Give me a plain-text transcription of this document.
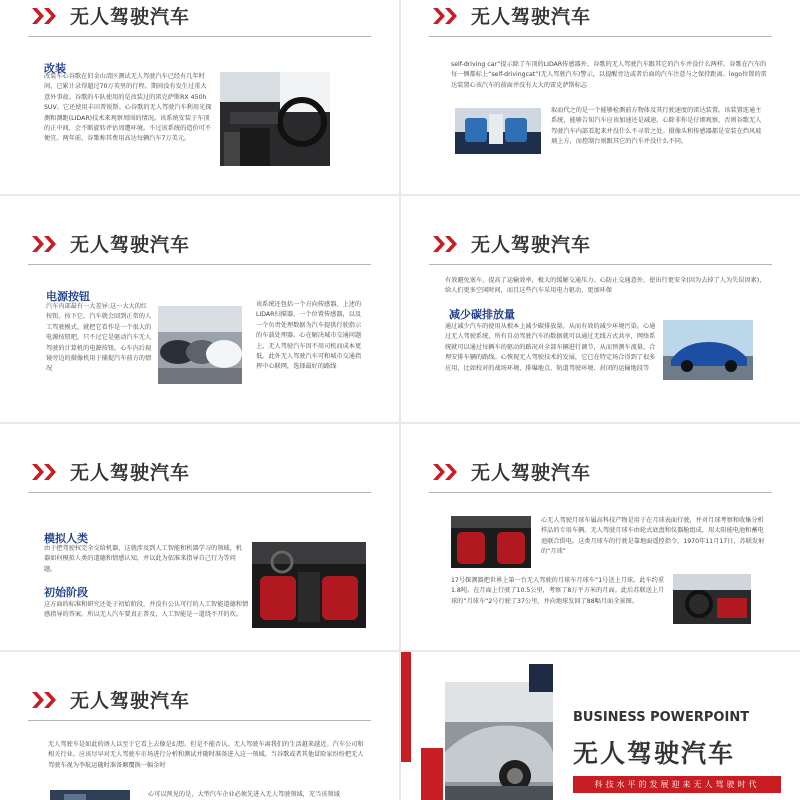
无人驾驶汽车
改装

改装车心谷歌在旧金山湾区测试无人驾驶汽车已经有几年时间，已累计录得超过70万英里的行程。期间没有发生过重大意外事故。谷歌的车队使用的是改装过的雷克萨斯RX 450h SUV。它还使用丰田普锐斯。心谷歌的无人驾驶汽车利用光探测和测距(LIDAR)技术来观察周围的情况。该系统安装于车顶的正中间，会不断旋转评估周遭环境。不过该系统的造价可不便宜。两年前，谷歌称其费用高达每辆汽车7万美元。

无人驾驶汽车

self-driving car”提示除了车顶的LIDAR传感器外，谷歌的无人驾驶汽车跟其它的汽车并没什么两样。谷歌在汽车的每一侧都标上“self-drivingcat”(无人驾驶汽车)警示，以提醒旁边或者后面的汽车注意与之保持距离。logo位置的雷达装置心该汽车的前面并没有大大的雷克萨斯标志

取而代之的是一个能够检测前方物体及其行驶速度的雷达装置。该装置连通主系统，能够告知汽车应该加速还是减速。心除非你是仔细观察，否则谷歌无人驾驶汽车内部看起来并没什么不寻常之处。摄像头和传感器都是安装在挡风玻璃上方，而控制台则跟其它的汽车并没什么不同。

无人驾驶汽车
电源按钮

汽车内部最有一大差异:这一大大的红按钮。按下它，汽车就会回到正常的人工驾驶模式。就把它看作是一个很大的电源按钮吧，只不过它是驱动汽车无人驾驶的计算机的电源按钮。心车内后视镜旁边的摄像机用于捕捉汽车前方的情况

该系统还包括一个方向传感器、上述的LIDAR扫描器、一个位置传感器，以及一个负责处理数据为汽车提供行驶指示的车载处理器。心在解决城市交通问题上，无人驾驶汽车因不用司机而成本更低。此外无人驾驶汽车可和城市交通指挥中心联网，选择最好的路线

无人驾驶汽车

有效避免塞车，提高了运输效率，极大的缓解交通压力。心防止交通意外，使出行更安全(因为去掉了人为失误因素)，给人们更多空闲时间，而且这些汽车采用电力驱动，更加环保

减少碳排放量

通过减少汽车的使用从根本上减少碳排放量。从而有效的减少环境污染。心通过无人驾驶系统，所有自动驾驶汽车的数据就可以通过无线方式共享，网络系统就可以通过每辆车的驱动的路况对全部车辆进行调节，从而预测车流量，合理安排车辆的路线。心恢视无人驾驶技术的发展，它已在特定场合得到了很多应用，比如校对的战场环境、排爆地点、轨道驾驶环境、封闭的运输地段等

无人驾驶汽车
模拟人类

由于把驾驶权完全交给机器，这就涉及到人工智能和机器学习的领域，机器如何模拟人类的道德和情感认知，并以此为依准来指导自己行为等问题。

初始阶段

这方面的标准和研究还处于初始阶段，并没有公认可行的人工智能道德和情感指导的答案。所以无人汽车要真正普及，人工智能是一道绕不开的坎。

无人驾驶汽车

心无人驾驶月球车属高科技产物是用于在月球表面行驶，并对月球考察和收集分析样品的专用车辆。无人驾驶月球车由轮式底盘和仪器舱组成，用太阳能电池和蓄电池联合供电。这类月球车的行驶是靠地面遥控指令。1970年11月17日，苏联发射的“月球”

17号探测器把世界上第一台无人驾驶的月球车月球车“1号送上月球。此车约重1.8吨。在月面上行驶了10.5公里，考察了8万平方米的月面。此后苏联送上月球的”月球车“2号行驶了37公里，并向地球发回了88幅月面全景图。

无人驾驶汽车

无人驾驶车是如此的诱人以至于它看上去像是幻想。但是不能否认。无人驾驶车离我们的生活越来越近。汽车公司和相关行业。应该尽早对无人驾驶车市场进行分析和测试并随时准备进入这一领域。当谷歌或者其他冒险家纷纷把无人驾驶车视为李航运随时准备颠覆换一幅金时

心可以预见的是，大型汽车企业必须先进入无人驾驶领域，充当该领域

BUSINESS POWERPOINT
无人驾驶汽车
科技水平的发展迎来无人驾驶时代
